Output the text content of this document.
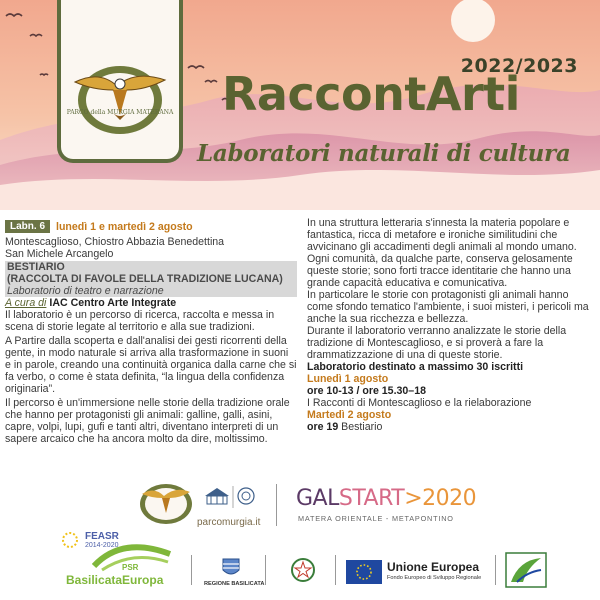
PARCO della MURGIA MATERANA
2022/2023
RaccontArti
Laboratori naturali di cultura
Labn. 6	lunedì 1 e martedì 2 agosto
Montescaglioso, Chiostro Abbazia Benedettina
San Michele Arcangelo
BESTIARIO
(RACCOLTA DI FAVOLE DELLA TRADIZIONE LUCANA)
Laboratorio di teatro e narrazione
A cura di IAC Centro Arte Integrate

Il laboratorio è un percorso di ricerca, raccolta e messa in scena di storie legate al territorio e alla sue tradizioni.

A Partire dalla scoperta e dall'analisi dei gesti ricorrenti della gente, in modo naturale si arriva alla trasformazione in suoni e in parole, creando una continuità organica dalla carne che si fa verbo, o come è stata definita, “la lingua della confidenza originaria”.

Il percorso è un'immersione nelle storie della tradizione orale che hanno per protagonisti gli animali: galline, galli, asini, capre, volpi, lupi, gufi e tanti altri, diventano interpreti di un sapere arcaico che ha ancora molto da dire, moltissimo.

In una struttura letteraria s'innesta la materia popolare e fantastica, ricca di metafore e ironiche similitudini che avvicinano gli accadimenti degli animali al mondo umano.

Ogni comunità, da qualche parte, conserva gelosamente queste storie; sono forti tracce identitarie che hanno una grande capacità educativa e comunicativa.

In particolare le storie con protagonisti gli animali hanno come sfondo tematico l'ambiente, i suoi misteri, i pericoli ma anche la sua ricchezza e bellezza.

Durante il laboratorio verranno analizzate le storie della tradizione di Montescaglioso, e si proverà a fare la drammatizzazione di una di queste storie.

Laboratorio destinato a massimo 30 iscritti

Lunedì 1 agosto

ore 10-13 / ore 15.30–18

I Racconti di Montescaglioso e la rielaborazione

Martedì 2 agosto

ore 19 Bestiario

parcomurgia.it
GALSTART>2020
MATERA ORIENTALE - METAPONTINO
FEASR
2014-2020
PSR
BasilicataEuropa	REGIONE BASILICATA
Unione Europea
Fondo Europeo di Sviluppo Regionale
